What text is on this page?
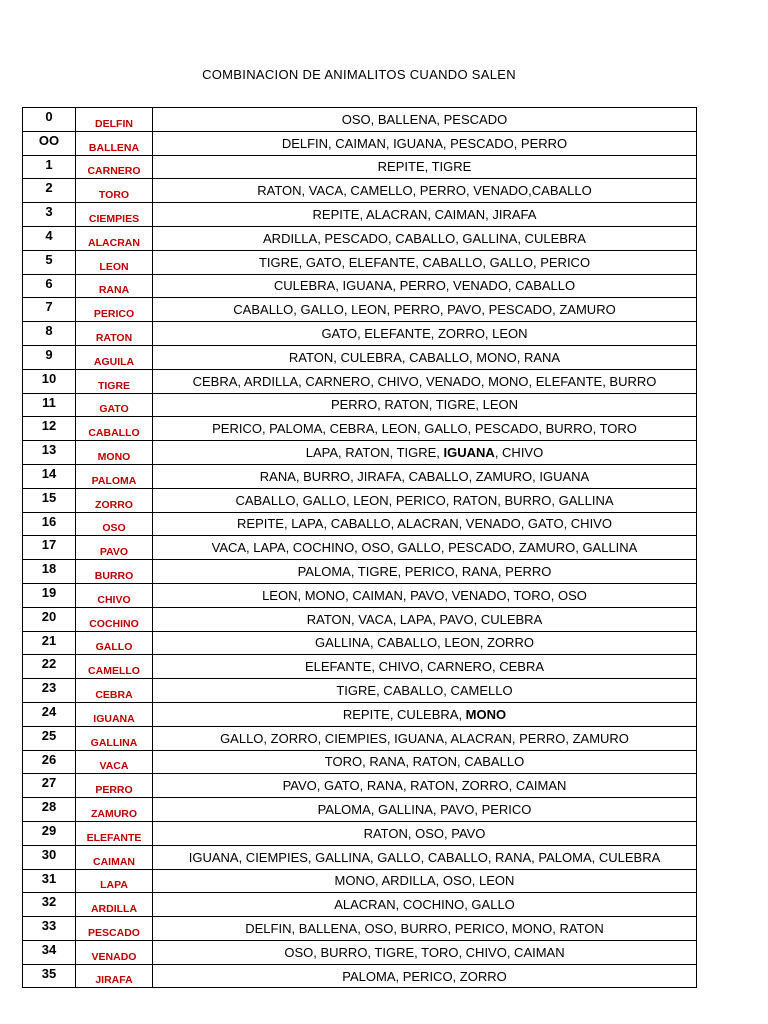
COMBINACION DE ANIMALITOS CUANDO SALEN
0	DELFIN	OSO, BALLENA, PESCADO
OO	BALLENA	DELFIN, CAIMAN, IGUANA, PESCADO, PERRO
1	CARNERO	REPITE, TIGRE
2	TORO	RATON, VACA, CAMELLO, PERRO, VENADO,CABALLO
3	CIEMPIES	REPITE, ALACRAN, CAIMAN, JIRAFA
4	ALACRAN	ARDILLA, PESCADO, CABALLO, GALLINA, CULEBRA
5	LEON	TIGRE, GATO, ELEFANTE, CABALLO, GALLO, PERICO
6	RANA	CULEBRA, IGUANA, PERRO, VENADO, CABALLO
7	PERICO	CABALLO, GALLO, LEON, PERRO, PAVO, PESCADO, ZAMURO
8	RATON	GATO, ELEFANTE, ZORRO, LEON
9	AGUILA	RATON, CULEBRA, CABALLO, MONO, RANA
10	TIGRE	CEBRA, ARDILLA, CARNERO, CHIVO, VENADO, MONO, ELEFANTE, BURRO
11	GATO	PERRO, RATON, TIGRE, LEON
12	CABALLO	PERICO, PALOMA, CEBRA, LEON, GALLO, PESCADO, BURRO, TORO
13	MONO	LAPA, RATON, TIGRE, IGUANA, CHIVO
14	PALOMA	RANA, BURRO, JIRAFA, CABALLO, ZAMURO, IGUANA
15	ZORRO	CABALLO, GALLO, LEON, PERICO, RATON, BURRO, GALLINA
16	OSO	REPITE, LAPA, CABALLO, ALACRAN, VENADO, GATO, CHIVO
17	PAVO	VACA, LAPA, COCHINO, OSO, GALLO, PESCADO, ZAMURO, GALLINA
18	BURRO	PALOMA, TIGRE, PERICO, RANA, PERRO
19	CHIVO	LEON, MONO, CAIMAN, PAVO, VENADO, TORO, OSO
20	COCHINO	RATON, VACA, LAPA, PAVO, CULEBRA
21	GALLO	GALLINA, CABALLO, LEON, ZORRO
22	CAMELLO	ELEFANTE, CHIVO, CARNERO, CEBRA
23	CEBRA	TIGRE, CABALLO, CAMELLO
24	IGUANA	REPITE, CULEBRA, MONO
25	GALLINA	GALLO, ZORRO, CIEMPIES, IGUANA, ALACRAN, PERRO, ZAMURO
26	VACA	TORO, RANA, RATON, CABALLO
27	PERRO	PAVO, GATO, RANA, RATON, ZORRO, CAIMAN
28	ZAMURO	PALOMA, GALLINA, PAVO, PERICO
29	ELEFANTE	RATON, OSO, PAVO
30	CAIMAN	IGUANA, CIEMPIES, GALLINA, GALLO, CABALLO, RANA, PALOMA, CULEBRA
31	LAPA	MONO, ARDILLA, OSO, LEON
32	ARDILLA	ALACRAN, COCHINO, GALLO
33	PESCADO	DELFIN, BALLENA, OSO, BURRO, PERICO, MONO, RATON
34	VENADO	OSO, BURRO, TIGRE, TORO, CHIVO, CAIMAN
35	JIRAFA	PALOMA, PERICO, ZORRO
